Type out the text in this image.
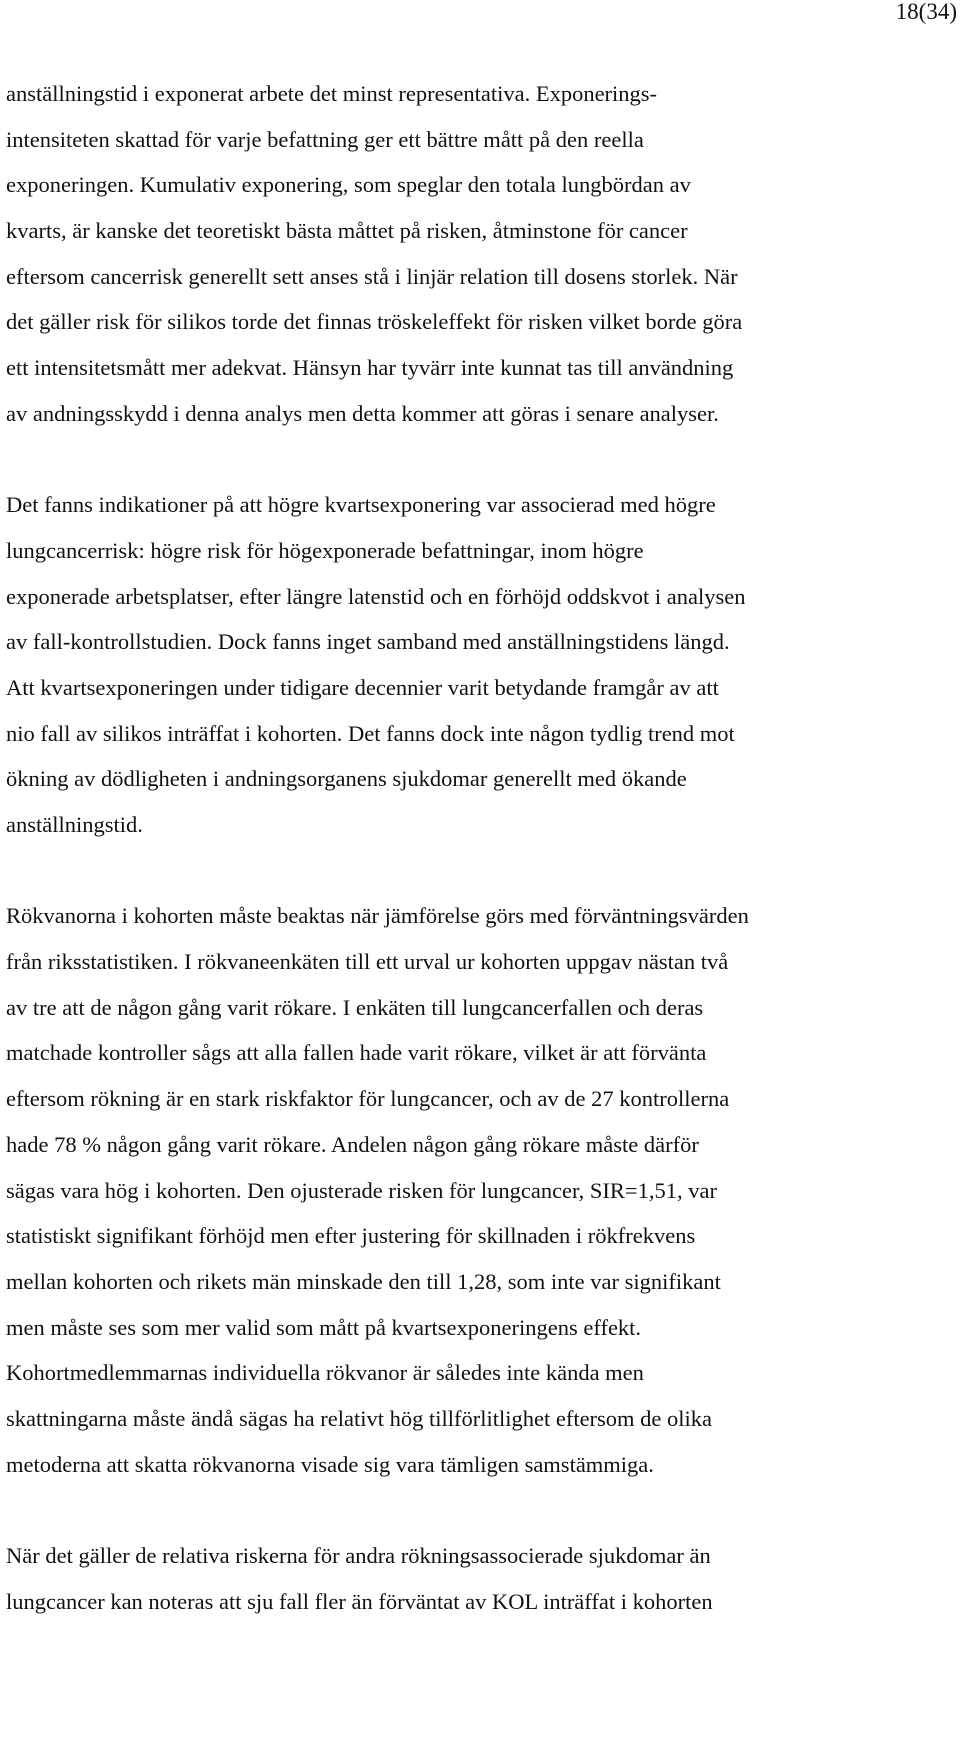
18(34)

anställningstid i exponerat arbete det minst representativa. Exponerings-
intensiteten skattad för varje befattning ger ett bättre mått på den reella
exponeringen. Kumulativ exponering, som speglar den totala lungbördan av
kvarts, är kanske det teoretiskt bästa måttet på risken, åtminstone för cancer
eftersom cancerrisk generellt sett anses stå i linjär relation till dosens storlek. När
det gäller risk för silikos torde det finnas tröskeleffekt för risken vilket borde göra
ett intensitetsmått mer adekvat. Hänsyn har tyvärr inte kunnat tas till användning
av andningsskydd i denna analys men detta kommer att göras i senare analyser.

Det fanns indikationer på att högre kvartsexponering var associerad med högre
lungcancerrisk: högre risk för högexponerade befattningar, inom högre
exponerade arbetsplatser, efter längre latenstid och en förhöjd oddskvot i analysen
av fall-kontrollstudien. Dock fanns inget samband med anställningstidens längd.
Att kvartsexponeringen under tidigare decennier varit betydande framgår av att
nio fall av silikos inträffat i kohorten. Det fanns dock inte någon tydlig trend mot
ökning av dödligheten i andningsorganens sjukdomar generellt med ökande
anställningstid.

Rökvanorna i kohorten måste beaktas när jämförelse görs med förväntningsvärden
från riksstatistiken. I rökvaneenkäten till ett urval ur kohorten uppgav nästan två
av tre att de någon gång varit rökare. I enkäten till lungcancerfallen och deras
matchade kontroller sågs att alla fallen hade varit rökare, vilket är att förvänta
eftersom rökning är en stark riskfaktor för lungcancer, och av de 27 kontrollerna
hade 78 % någon gång varit rökare. Andelen någon gång rökare måste därför
sägas vara hög i kohorten. Den ojusterade risken för lungcancer, SIR=1,51, var
statistiskt signifikant förhöjd men efter justering för skillnaden i rökfrekvens
mellan kohorten och rikets män minskade den till 1,28, som inte var signifikant
men måste ses som mer valid som mått på kvartsexponeringens effekt.
Kohortmedlemmarnas individuella rökvanor är således inte kända men
skattningarna måste ändå sägas ha relativt hög tillförlitlighet eftersom de olika
metoderna att skatta rökvanorna visade sig vara tämligen samstämmiga.

När det gäller de relativa riskerna för andra rökningsassocierade sjukdomar än
lungcancer kan noteras att sju fall fler än förväntat av KOL inträffat i kohorten
